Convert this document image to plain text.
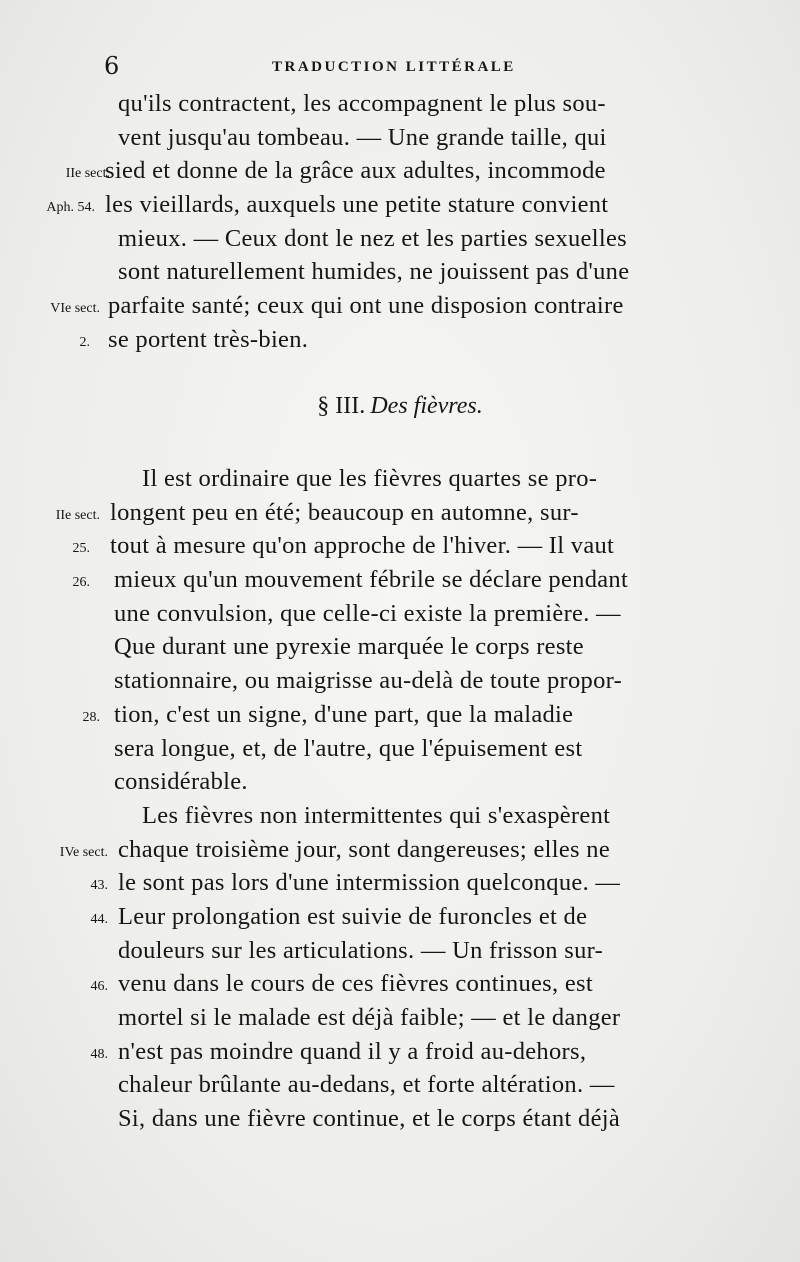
6	TRADUCTION LITTÉRALE
qu'ils contractent, les accompagnent le plus sou-
vent jusqu'au tombeau. — Une grande taille, qui
IIe sect.
sied et donne de la grâce aux adultes, incommode
Aph. 54. les vieillards, auxquels une petite stature convient
mieux. — Ceux dont le nez et les parties sexuelles
sont naturellement humides, ne jouissent pas d'une
VIe sect. parfaite santé; ceux qui ont une disposion contraire
2. se portent très-bien.
§ III. Des fièvres.
Il est ordinaire que les fièvres quartes se pro-
IIe sect. longent peu en été; beaucoup en automne, sur-
25. tout à mesure qu'on approche de l'hiver. — Il vaut
26. mieux qu'un mouvement fébrile se déclare pendant
une convulsion, que celle-ci existe la première. —
Que durant une pyrexie marquée le corps reste
stationnaire, ou maigrisse au-delà de toute propor-
28. tion, c'est un signe, d'une part, que la maladie
sera longue, et, de l'autre, que l'épuisement est
considérable.
Les fièvres non intermittentes qui s'exaspèrent
IVe sect. chaque troisième jour, sont dangereuses; elles ne
43. le sont pas lors d'une intermission quelconque. —
44. Leur prolongation est suivie de furoncles et de
douleurs sur les articulations. — Un frisson sur-
46. venu dans le cours de ces fièvres continues, est
mortel si le malade est déjà faible; — et le danger
48. n'est pas moindre quand il y a froid au-dehors,
chaleur brûlante au-dedans, et forte altération. —
Si, dans une fièvre continue, et le corps étant déjà
